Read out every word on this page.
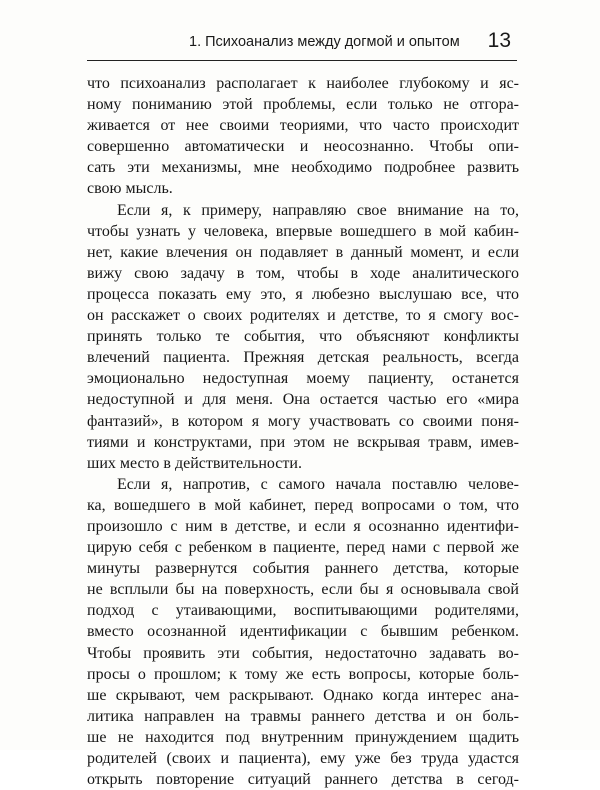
1. Психоанализ между догмой и опытом 13
что психоанализ располагает к наиболее глубокому и яс-
ному пониманию этой проблемы, если только не отгора-
живается от нее своими теориями, что часто происходит
совершенно автоматически и неосознанно. Чтобы опи-
сать эти механизмы, мне необходимо подробнее развить
свою мысль.
Если я, к примеру, направляю свое внимание на то,
чтобы узнать у человека, впервые вошедшего в мой кабин-
нет, какие влечения он подавляет в данный момент, и если
вижу свою задачу в том, чтобы в ходе аналитического
процесса показать ему это, я любезно выслушаю все, что
он расскажет о своих родителях и детстве, то я смогу вос-
принять только те события, что объясняют конфликты
влечений пациента. Прежняя детская реальность, всегда
эмоционально недоступная моему пациенту, останется
недоступной и для меня. Она остается частью его «мира
фантазий», в котором я могу участвовать со своими поня-
тиями и конструктами, при этом не вскрывая травм, имев-
ших место в действительности.
Если я, напротив, с самого начала поставлю челове-
ка, вошедшего в мой кабинет, перед вопросами о том, что
произошло с ним в детстве, и если я осознанно идентифи-
цирую себя с ребенком в пациенте, перед нами с первой же
минуты развернутся события раннего детства, которые
не всплыли бы на поверхность, если бы я основывала свой
подход с утаивающими, воспитывающими родителями,
вместо осознанной идентификации с бывшим ребенком.
Чтобы проявить эти события, недостаточно задавать во-
просы о прошлом; к тому же есть вопросы, которые боль-
ше скрывают, чем раскрывают. Однако когда интерес ана-
литика направлен на травмы раннего детства и он боль-
ше не находится под внутренним принуждением щадить
родителей (своих и пациента), ему уже без труда удастся
открыть повторение ситуаций раннего детства в сегод-
